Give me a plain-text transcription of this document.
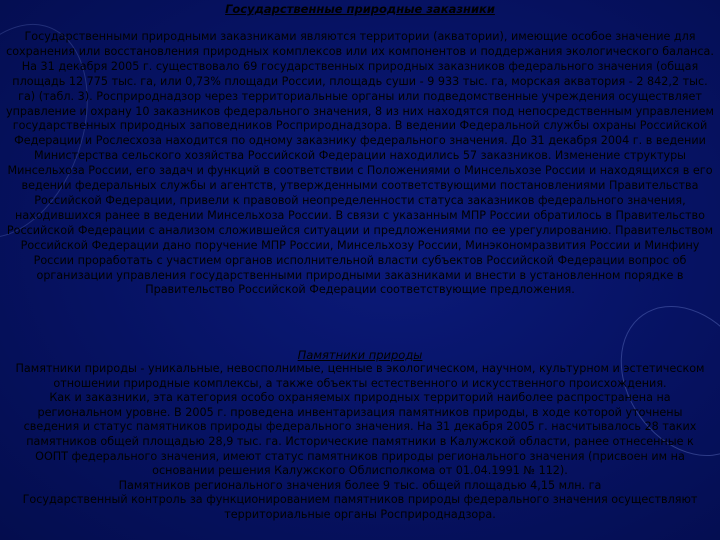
Государственные природные заказники

Государственными природными заказниками являются территории (акватории), имеющие особое значение для сохранения или восстановления природных комплексов или их компонентов и поддержания экологического баланса.
На 31 декабря 2005 г. существовало 69 государственных природных заказников федерального значения (общая площадь 12 775 тыс. га, или 0,73% площади России, площадь суши - 9 933 тыс. га, морская акватория - 2 842,2 тыс. га) (табл. 3). Росприроднадзор через территориальные органы или подведомственные учреждения осуществляет управление и охрану 10 заказников федерального значения, 8 из них находятся под непосредственным управлением государственных природных заповедников Росприроднадзора. В ведении Федеральной службы охраны Российской Федерации и Рослесхоза находится по одному заказнику федерального значения. До 31 декабря 2004 г. в ведении Министерства сельского хозяйства Российской Федерации находились 57 заказников. Изменение структуры Минсельхоза России, его задач и функций в соответствии с Положениями о Минсельхозе России и находящихся в его ведении федеральных службы и агентств, утвержденными соответствующими постановлениями Правительства Российской Федерации, привели к правовой неопределенности статуса заказников федерального значения, находившихся ранее в ведении Минсельхоза России. В связи с указанным МПР России обратилось в Правительство Российской Федерации с анализом сложившейся ситуации и предложениями по ее урегулированию. Правительством Российской Федерации дано поручение МПР России, Минсельхозу России, Минэкономразвития России и Минфину России проработать с участием органов исполнительной власти субъектов Российской Федерации вопрос об организации управления государственными природными заказниками и внести в установленном порядке в Правительство Российской Федерации соответствующие предложения.

Памятники природы

Памятники природы - уникальные, невосполнимые, ценные в экологическом, научном, культурном и эстетическом отношении природные комплексы, а также объекты естественного и искусственного происхождения.
Как и заказники, эта категория особо охраняемых природных территорий наиболее распространена на региональном уровне. В 2005 г. проведена инвентаризация памятников природы, в ходе которой уточнены сведения и статус памятников природы федерального значения. На 31 декабря 2005 г. насчитывалось 28 таких памятников общей площадью 28,9 тыс. га. Исторические памятники в Калужской области, ранее отнесенные к ООПТ федерального значения, имеют статус памятников природы регионального значения (присвоен им на основании решения Калужского Облисполкома от 01.04.1991 № 112).
Памятников регионального значения более 9 тыс. общей площадью 4,15 млн. га
Государственный контроль за функционированием памятников природы федерального значения осуществляют территориальные органы Росприроднадзора.
